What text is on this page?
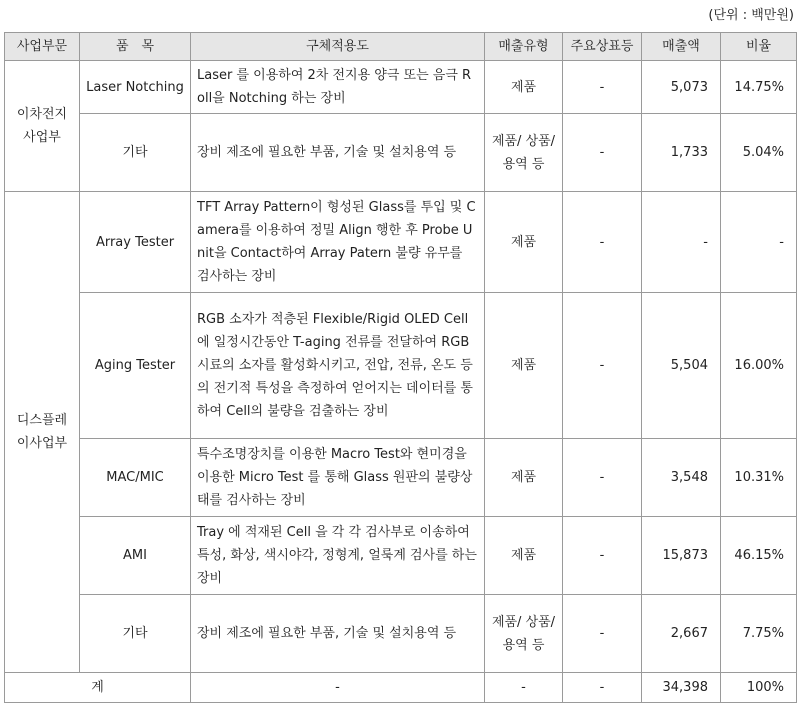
(단위 : 백만원)
사업부문	품　목	구체적용도	매출유형	주요상표등	매출액	비율
이차전지 사업부	Laser Notching	Laser 를 이용하여 2차 전지용 양극 또는 음극 Roll을 Notching 하는 장비	제품	-	5,073	14.75%
	기타	장비 제조에 필요한 부품, 기술 및 설치용역 등	제품/ 상품/ 용역 등	-	1,733	5.04%
디스플레 이사업부	Array Tester	TFT Array Pattern이 형성된 Glass를 투입 및 Camera를 이용하여 정밀 Align 행한 후 Probe Unit을 Contact하여 Array Patern 불량 유무를 검사하는 장비	제품	-	-	-
	Aging Tester	RGB 소자가 적층된 Flexible/Rigid OLED Cell에 일정시간동안 T-aging 전류를 전달하여 RGB 시료의 소자를 활성화시키고, 전압, 전류, 온도 등의 전기적 특성을 측정하여 얻어지는 데이터를 통하여 Cell의 불량을 검출하는 장비	제품	-	5,504	16.00%
	MAC/MIC	특수조명장치를 이용한 Macro Test와 현미경을 이용한 Micro Test 를 통해 Glass 원판의 불량상태를 검사하는 장비	제품	-	3,548	10.31%
	AMI	Tray 에 적재된 Cell 을 각 각 검사부로 이송하여 특성, 화상, 색시야각, 정형계, 얼룩계 검사를 하는 장비	제품	-	15,873	46.15%
	기타	장비 제조에 필요한 부품, 기술 및 설치용역 등	제품/ 상품/ 용역 등	-	2,667	7.75%
계		-	-	-	34,398	100%
